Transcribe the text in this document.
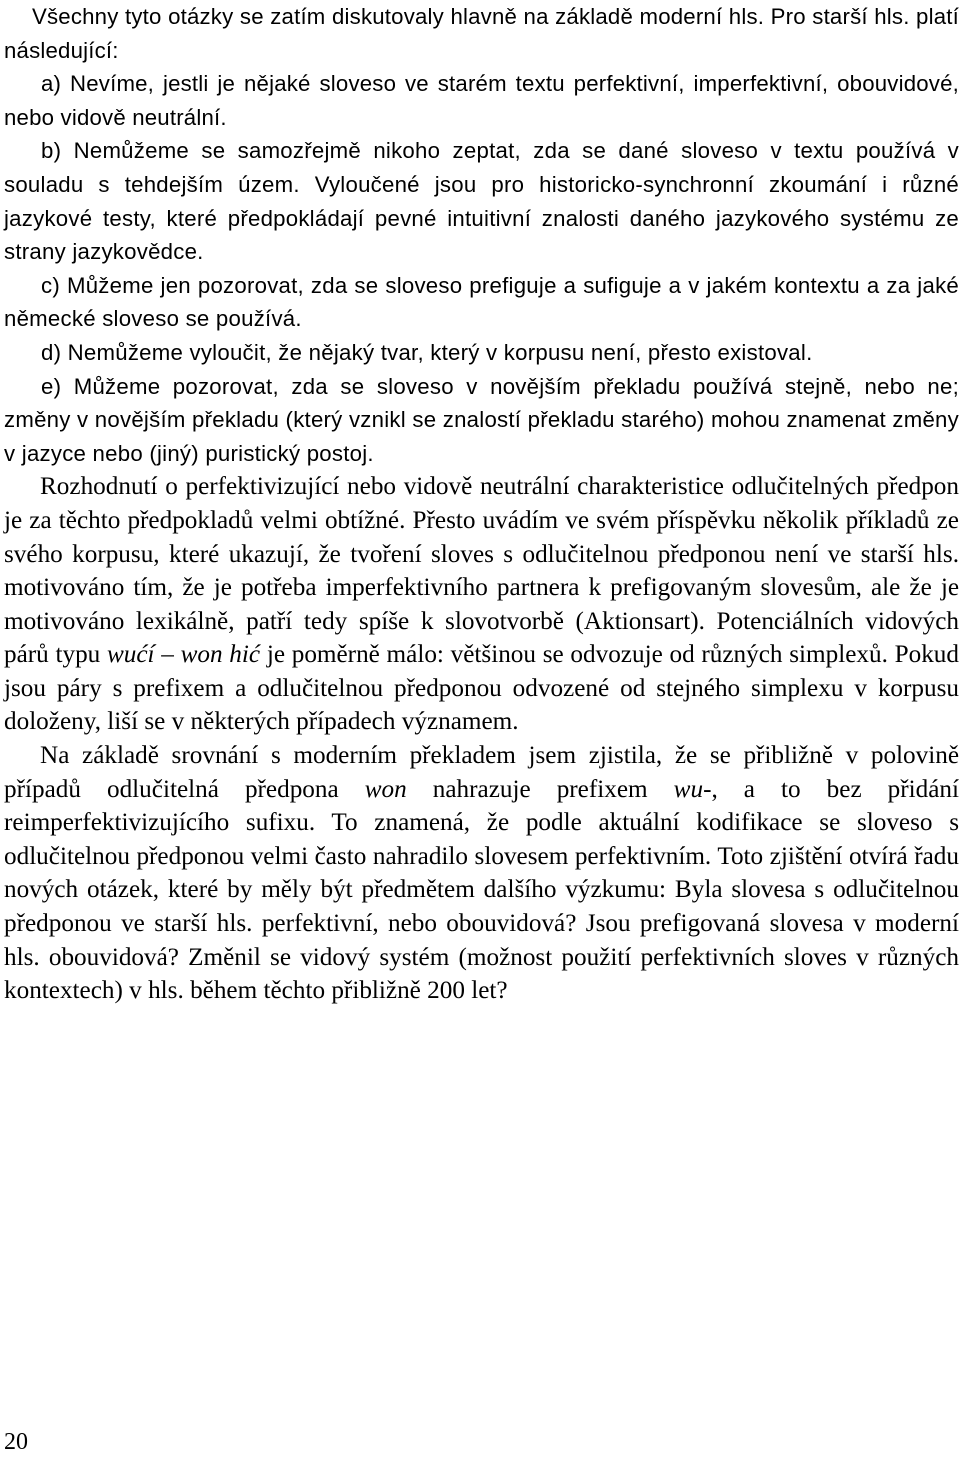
Všechny tyto otázky se zatím diskutovaly hlavně na základě moderní hls. Pro starší hls. platí následující:

a) Nevíme, jestli je nějaké sloveso ve starém textu perfektivní, imperfektivní, obouvidové, nebo vidově neutrální.

b) Nemůžeme se samozřejmě nikoho zeptat, zda se dané sloveso v textu používá v souladu s tehdejším územ. Vyloučené jsou pro historicko-synchronní zkoumání i různé jazykové testy, které předpokládají pevné intuitivní znalosti daného jazykového systému ze strany jazykovědce.

c) Můžeme jen pozorovat, zda se sloveso prefiguje a sufiguje a v jakém kontextu a za jaké německé sloveso se používá.

d) Nemůžeme vyloučit, že nějaký tvar, který v korpusu není, přesto existoval.

e) Můžeme pozorovat, zda se sloveso v novějším překladu používá stejně, nebo ne; změny v novějším překladu (který vznikl se znalostí překladu starého) mohou znamenat změny v jazyce nebo (jiný) puristický postoj.

Rozhodnutí o perfektivizující nebo vidově neutrální charakteristice odlučitelných předpon je za těchto předpokladů velmi obtížné. Přesto uvádím ve svém příspěvku několik příkladů ze svého korpusu, které ukazují, že tvoření sloves s odlučitelnou předponou není ve starší hls. motivováno tím, že je potřeba imperfektivního partnera k prefigovaným slovesům, ale že je motivováno lexikálně, patří tedy spíše k slovotvorbě (Aktionsart). Potenciálních vidových párů typu wućí – won hić je poměrně málo: většinou se odvozuje od různých simplexů. Pokud jsou páry s prefixem a odlučitelnou předponou odvozené od stejného simplexu v korpusu doloženy, liší se v některých případech významem.

Na základě srovnání s moderním překladem jsem zjistila, že se přibližně v polovině případů odlučitelná předpona won nahrazuje prefixem wu-, a to bez přidání reimperfektivizujícího sufixu. To znamená, že podle aktuální kodifikace se sloveso s odlučitelnou předponou velmi často nahradilo slovesem perfektivním. Toto zjištění otvírá řadu nových otázek, které by měly být předmětem dalšího výzkumu: Byla slovesa s odlučitelnou předponou ve starší hls. perfektivní, nebo obouvidová? Jsou prefigovaná slovesa v moderní hls. obouvidová? Změnil se vidový systém (možnost použití perfektivních sloves v různých kontextech) v hls. během těchto přibližně 200 let?

20
